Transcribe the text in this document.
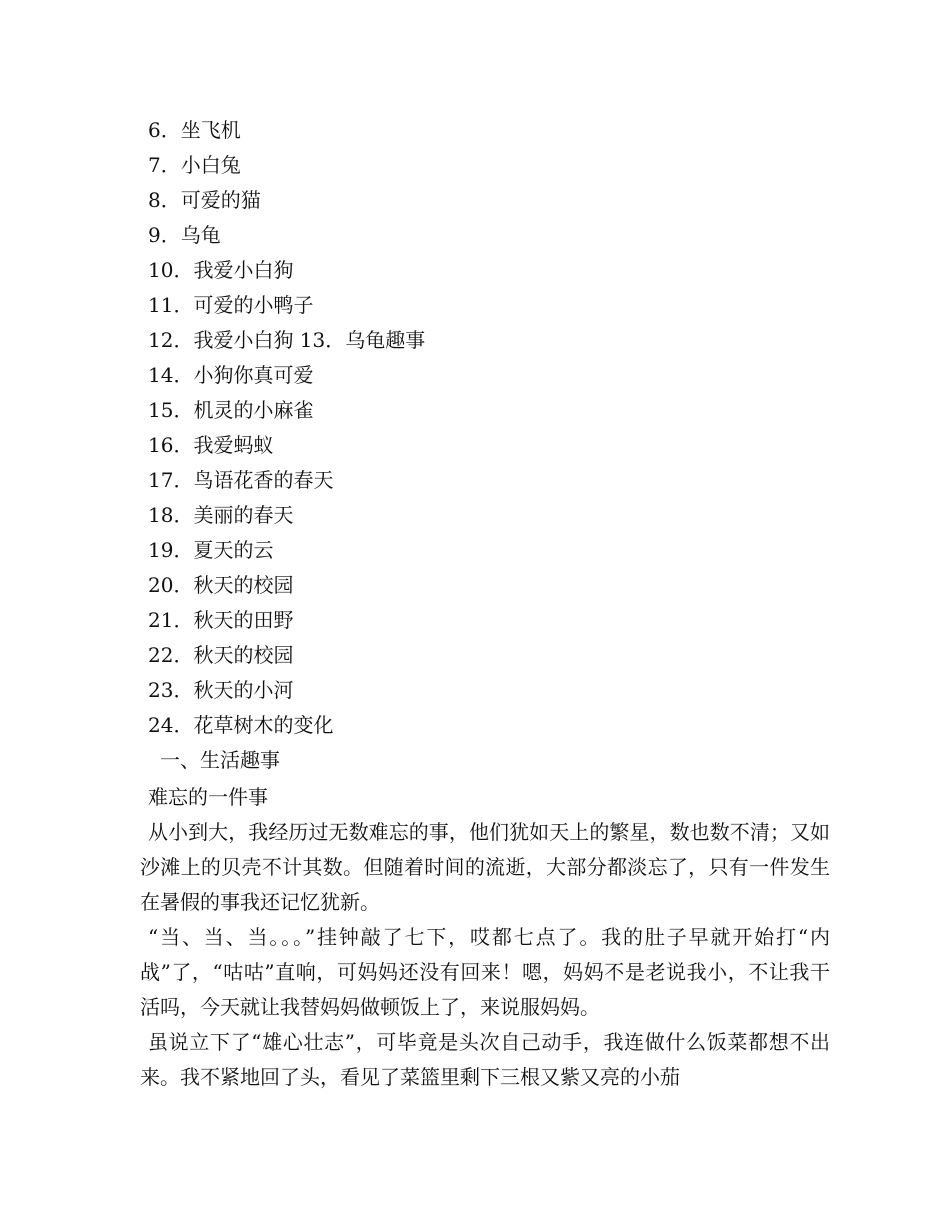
6．坐飞机
7．小白兔
8．可爱的猫
9．乌龟
10．我爱小白狗
11．可爱的小鸭子
12．我爱小白狗 13．乌龟趣事
14．小狗你真可爱
15．机灵的小麻雀
16．我爱蚂蚁
17．鸟语花香的春天
18．美丽的春天
19．夏天的云
20．秋天的校园
21．秋天的田野
22．秋天的校园
23．秋天的小河
24．花草树木的变化
一、生活趣事
难忘的一件事

从小到大，我经历过无数难忘的事，他们犹如天上的繁星，数也数不清；又如沙滩上的贝壳不计其数。但随着时间的流逝，大部分都淡忘了，只有一件发生在暑假的事我还记忆犹新。

“当、当、当。。。”挂钟敲了七下，哎都七点了。我的肚子早就开始打“内战”了，“咕咕”直响，可妈妈还没有回来！嗯，妈妈不是老说我小，不让我干活吗，今天就让我替妈妈做顿饭上了，来说服妈妈。

虽说立下了“雄心壮志”，可毕竟是头次自己动手，我连做什么饭菜都想不出来。我不紧地回了头，看见了菜篮里剩下三根又紫又亮的小茄
